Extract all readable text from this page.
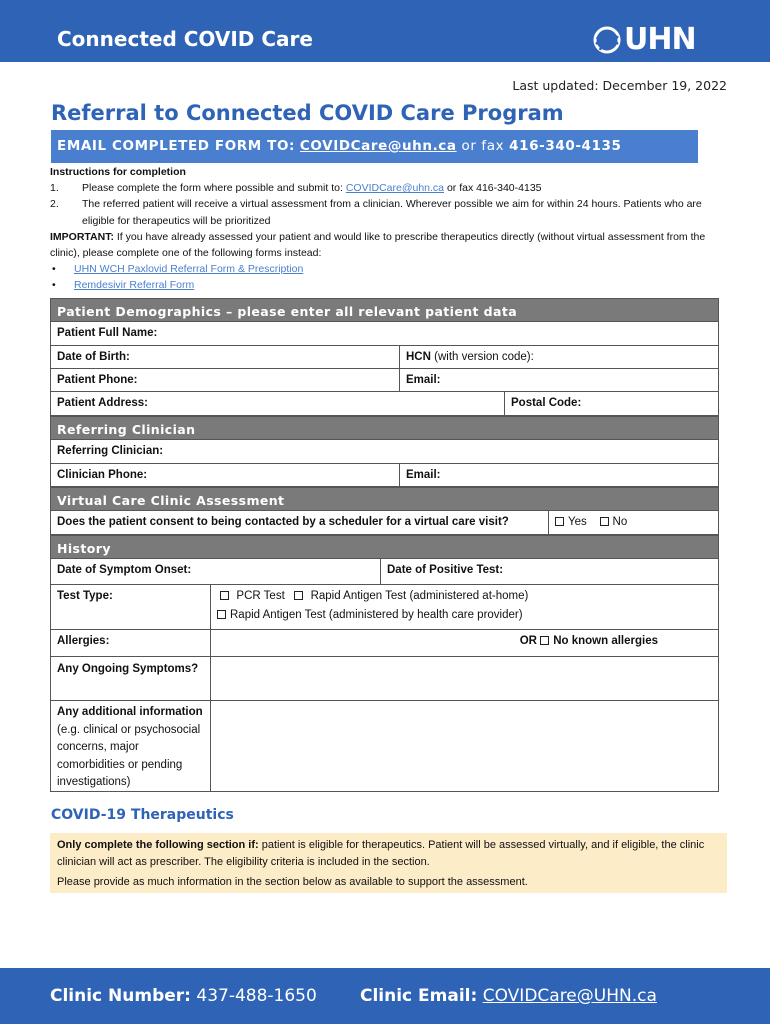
Connected COVID Care	UHN
Last updated: December 19, 2022
Referral to Connected COVID Care Program
EMAIL COMPLETED FORM TO: COVIDCare@uhn.ca or fax 416-340-4135
Instructions for completion
1.	Please complete the form where possible and submit to: COVIDCare@uhn.ca or fax 416-340-4135
2.	The referred patient will receive a virtual assessment from a clinician. Wherever possible we aim for within 24 hours. Patients who are eligible for therapeutics will be prioritized
IMPORTANT: If you have already assessed your patient and would like to prescribe therapeutics directly (without virtual assessment from the clinic), please complete one of the following forms instead:
•	UHN WCH Paxlovid Referral Form & Prescription
•	Remdesivir Referral Form
Patient Demographics – please enter all relevant patient data
Patient Full Name:
Date of Birth:	HCN (with version code):
Patient Phone:	Email:
Patient Address:	Postal Code:
Referring Clinician
Referring Clinician:
Clinician Phone:	Email:
Virtual Care Clinic Assessment
Does the patient consent to being contacted by a scheduler for a virtual care visit?	Yes No
History
Date of Symptom Onset:	Date of Positive Test:
Test Type:	PCR Test Rapid Antigen Test (administered at-home)
Rapid Antigen Test (administered by health care provider)
Allergies:	OR No known allergies
Any Ongoing Symptoms?
Any additional information (e.g. clinical or psychosocial concerns, major comorbidities or pending investigations)
COVID-19 Therapeutics
Only complete the following section if: patient is eligible for therapeutics. Patient will be assessed virtually, and if eligible, the clinic clinician will act as prescriber. The eligibility criteria is included in the section.
Please provide as much information in the section below as available to support the assessment.
Clinic Number: 437-488-1650	Clinic Email: COVIDCare@UHN.ca
